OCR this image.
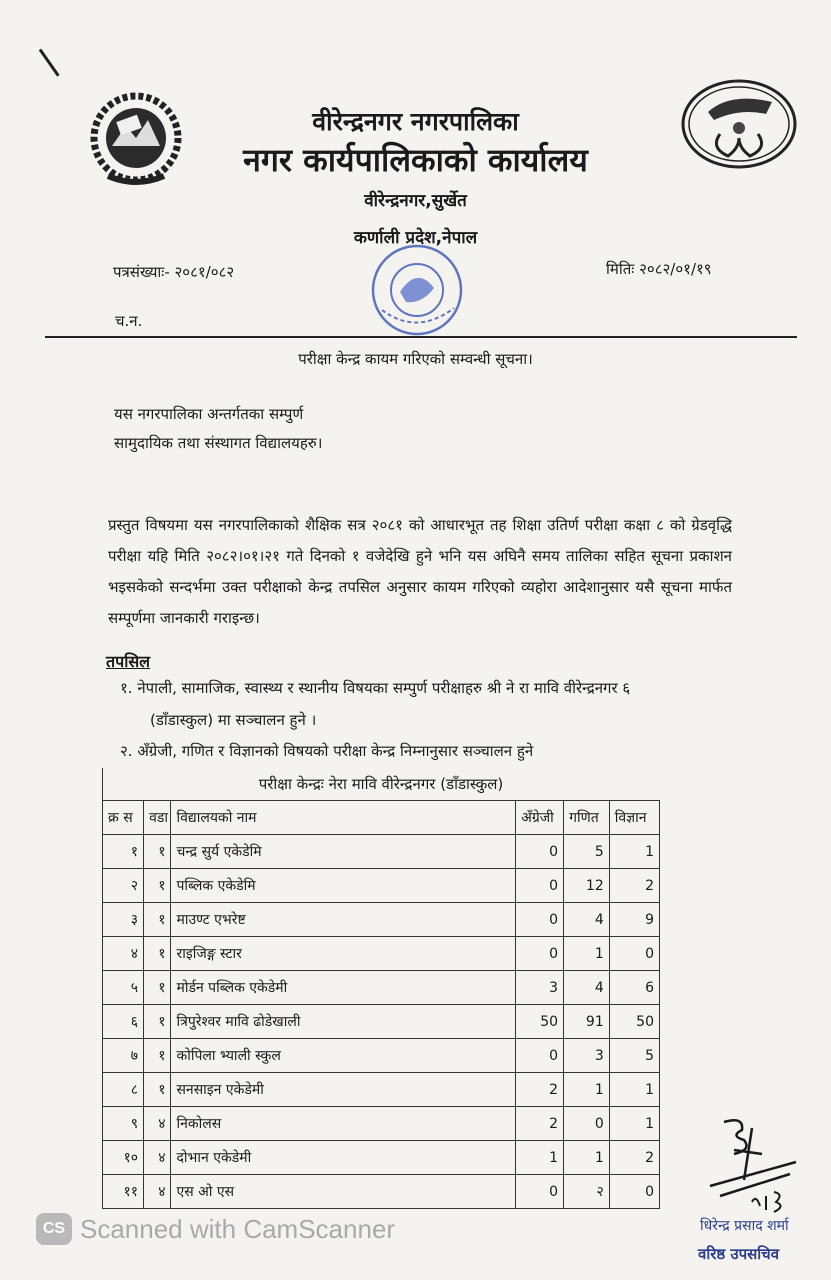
वीरेन्द्रनगर नगरपालिका
नगर कार्यपालिकाको कार्यालय
वीरेन्द्रनगर,सुर्खेत
कर्णाली प्रदेश,नेपाल
पत्रसंख्याः- २०८१/०८२	मितिः २०८२/०१/१९
च.न.
परीक्षा केन्द्र कायम गरिएको सम्वन्धी सूचना।
यस नगरपालिका अन्तर्गतका सम्पुर्ण
सामुदायिक तथा संस्थागत विद्यालयहरु।
प्रस्तुत विषयमा यस नगरपालिकाको शैक्षिक सत्र २०८१ को आधारभूत तह शिक्षा उतिर्ण परीक्षा कक्षा ८ को ग्रेडवृद्धि परीक्षा यहि मिति २०८२।०१।२१ गते दिनको १ वजेदेखि हुने भनि यस अघिनै समय तालिका सहित सूचना प्रकाशन भइसकेको सन्दर्भमा उक्त परीक्षाको केन्द्र तपसिल अनुसार कायम गरिएको व्यहोरा आदेशानुसार यसै सूचना मार्फत सम्पूर्णमा जानकारी गराइन्छ।
तपसिल
१. नेपाली, सामाजिक, स्वास्थ्य र स्थानीय विषयका सम्पुर्ण परीक्षाहरु श्री ने रा मावि वीरेन्द्रनगर ६
(डाँडास्कुल) मा सञ्चालन हुने ।
२. अँग्रेजी, गणित र विज्ञानको विषयको परीक्षा केन्द्र निम्नानुसार सञ्चालन हुने
परीक्षा केन्द्रः नेरा मावि वीरेन्द्रनगर (डाँडास्कुल)
क्र स	वडा	विद्यालयको नाम	अँग्रेजी	गणित	विज्ञान
१	१	चन्द्र सुर्य एकेडेमि	0	5	1
२	१	पब्लिक एकेडेमि	0	12	2
३	१	माउण्ट एभरेष्ट	0	4	9
४	१	राइजिङ्ग स्टार	0	1	0
५	१	मोर्डन पब्लिक एकेडेमी	3	4	6
६	१	त्रिपुरेश्वर मावि ढोडेखाली	50	91	50
७	१	कोपिला भ्याली स्कुल	0	3	5
८	१	सनसाइन एकेडेमी	2	1	1
९	४	निकोलस	2	0	1
१०	४	दोभान एकेडेमी	1	1	2
११	४	एस ओ एस	0	२	0
धिरेन्द्र प्रसाद शर्मा
वरिष्ठ उपसचिव
CS Scanned with CamScanner
